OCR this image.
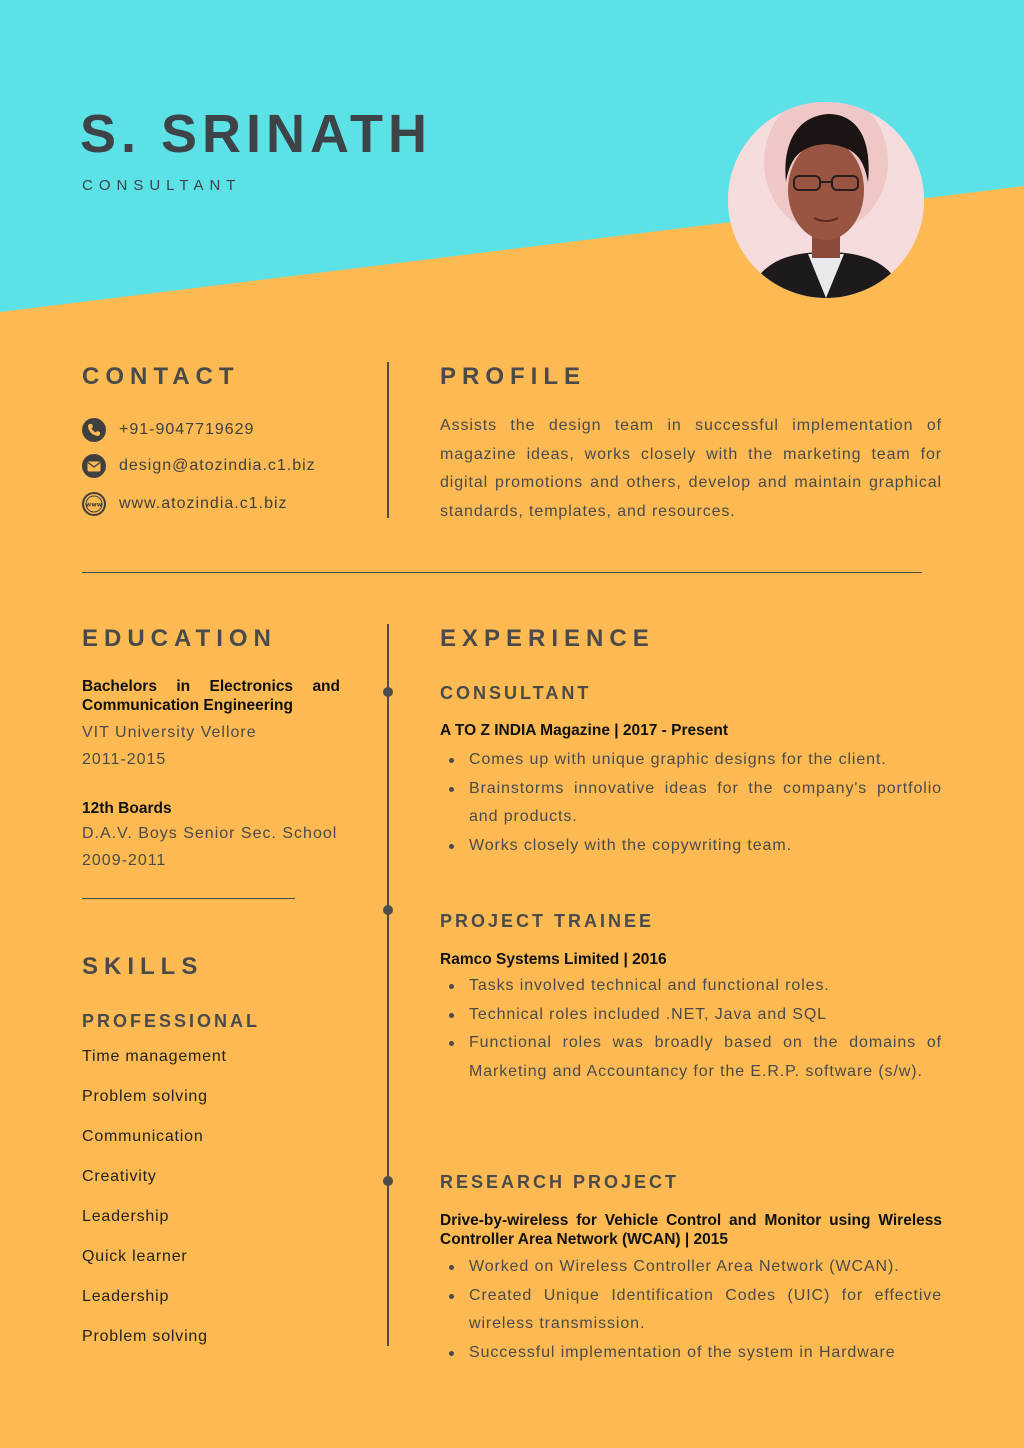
S. SRINATH
CONSULTANT
CONTACT
+91-9047719629
design@atozindia.c1.biz
www www.atozindia.c1.biz
PROFILE
Assists the design team in successful implementation of magazine ideas, works closely with the marketing team for digital promotions and others, develop and maintain graphical standards, templates, and resources.
EDUCATION
Bachelors in Electronics and Communication Engineering
VIT University Vellore
2011-2015
12th Boards
D.A.V. Boys Senior Sec. School
2009-2011
SKILLS
PROFESSIONAL
Time management
Problem solving
Communication
Creativity
Leadership
Quick learner
Leadership
Problem solving
EXPERIENCE
CONSULTANT
A TO Z INDIA Magazine | 2017 - Present
Comes up with unique graphic designs for the client.
Brainstorms innovative ideas for the company's portfolio and products.
Works closely with the copywriting team.
PROJECT TRAINEE
Ramco Systems Limited | 2016
Tasks involved technical and functional roles.
Technical roles included .NET, Java and SQL
Functional roles was broadly based on the domains of Marketing and Accountancy for the E.R.P. software (s/w).
RESEARCH PROJECT
Drive-by-wireless for Vehicle Control and Monitor using Wireless Controller Area Network (WCAN) | 2015
Worked on Wireless Controller Area Network (WCAN).
Created Unique Identification Codes (UIC) for effective wireless transmission.
Successful implementation of the system in Hardware
